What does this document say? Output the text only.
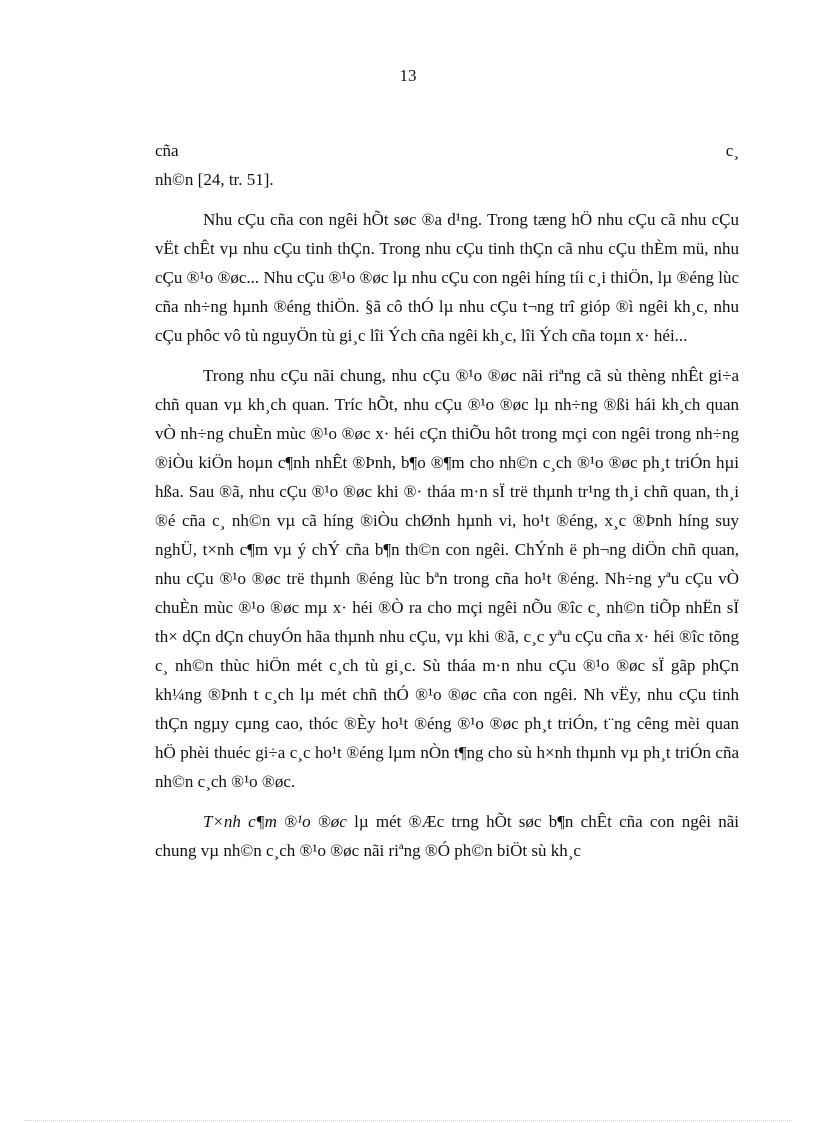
13
cña	c¸
nh©n [24, tr. 51].

Nhu cÇu cña con ngêi hÕt søc ®a d¹ng. Trong tæng hÖ nhu cÇu cã nhu cÇu vËt chÊt vµ nhu cÇu tinh thÇn. Trong nhu cÇu tinh thÇn cã nhu cÇu thÈm mü, nhu cÇu ®¹o ®øc... Nhu cÇu ®¹o ®øc lµ nhu cÇu con ngêi híng tíi c¸i thiÖn, lµ ®éng lùc cña nh÷ng hµnh ®éng thiÖn. §ã cô thÓ lµ nhu cÇu t¬ng trî gióp ®ì ngêi kh¸c, nhu cÇu phôc vô tù nguyÖn tù gi¸c lîi Ých cña ngêi kh¸c, lîi Ých cña toµn x· héi...

Trong nhu cÇu nãi chung, nhu cÇu ®¹o ®øc nãi riªng cã sù thèng nhÊt gi÷a chñ quan vµ kh¸ch quan. Tríc hÕt, nhu cÇu ®¹o ®øc lµ nh÷ng ®ßi hái kh¸ch quan vÒ nh÷ng chuÈn mùc ®¹o ®øc x· héi cÇn thiÕu hôt trong mçi con ngêi trong nh÷ng ®iÒu kiÖn hoµn c¶nh nhÊt ®Þnh, b¶o ®¶m cho nh©n c¸ch ®¹o ®øc ph¸t triÓn hµi hßa. Sau ®ã, nhu cÇu ®¹o ®øc khi ®· tháa m·n sÏ trë thµnh tr¹ng th¸i chñ quan, th¸i ®é cña c¸ nh©n vµ cã híng ®iÒu chØnh hµnh vi, ho¹t ®éng, x¸c ®Þnh híng suy nghÜ, t×nh c¶m vµ ý chÝ cña b¶n th©n con ngêi. ChÝnh ë ph¬ng diÖn chñ quan, nhu cÇu ®¹o ®øc trë thµnh ®éng lùc bªn trong cña ho¹t ®éng. Nh÷ng yªu cÇu vÒ chuÈn mùc ®¹o ®øc mµ x· héi ®Ò ra cho mçi ngêi nÕu ®îc c¸ nh©n tiÕp nhËn sÏ th× dÇn dÇn chuyÓn hãa thµnh nhu cÇu, vµ khi ®ã, c¸c yªu cÇu cña x· héi ®îc tõng c¸ nh©n thùc hiÖn mét c¸ch tù gi¸c. Sù tháa m·n nhu cÇu ®¹o ®øc sÏ gãp phÇn kh¼ng ®Þnh t c¸ch lµ mét chñ thÓ ®¹o ®øc cña con ngêi. Nh vËy, nhu cÇu tinh thÇn ngµy cµng cao, thóc ®Èy ho¹t ®éng ®¹o ®øc ph¸t triÓn, t¨ng cêng mèi quan hÖ phèi thuéc gi÷a c¸c ho¹t ®éng lµm nÒn t¶ng cho sù h×nh thµnh vµ ph¸t triÓn cña nh©n c¸ch ®¹o ®øc.

T×nh c¶m ®¹o ®øc lµ mét ®Æc trng hÕt søc b¶n chÊt cña con ngêi nãi chung vµ nh©n c¸ch ®¹o ®øc nãi riªng ®Ó ph©n biÖt sù kh¸c
